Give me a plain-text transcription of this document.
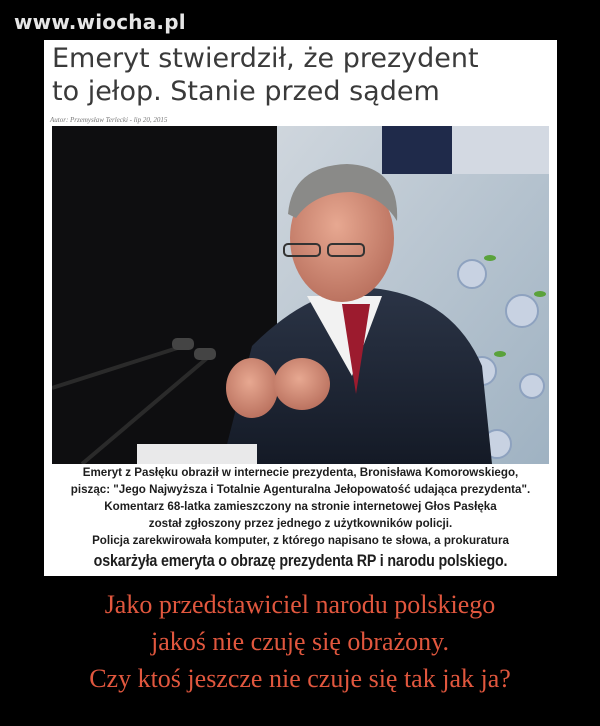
www.wiocha.pl
Emeryt stwierdził, że prezydent
to jełop. Stanie przed sądem
Autor: Przemysław Terlecki - lip 20, 2015
Emeryt z Pasłęku obraził w internecie prezydenta, Bronisława Komorowskiego,
pisząc: "Jego Najwyższa i Totalnie Agenturalna Jełopowatość udająca prezydenta".
Komentarz 68-latka zamieszczony na stronie internetowej Głos Pasłęka
został zgłoszony przez jednego z użytkowników policji.
Policja zarekwirowała komputer, z którego napisano te słowa, a prokuratura
oskarżyła emeryta o obrazę prezydenta RP i narodu polskiego.
Jako przedstawiciel narodu polskiego
jakoś nie czuję się obrażony.
Czy ktoś jeszcze nie czuje się tak jak ja?
